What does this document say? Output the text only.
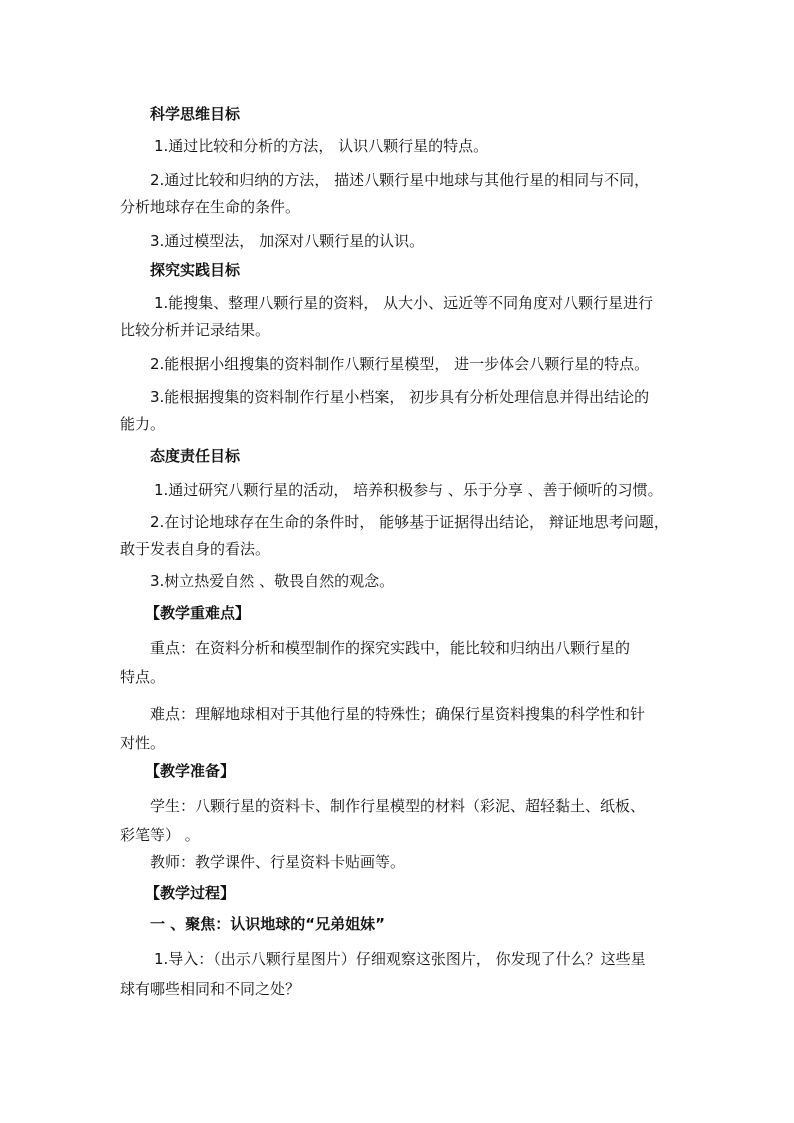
科学思维目标
1.通过比较和分析的方法， 认识八颗行星的特点。
2.通过比较和归纳的方法， 描述八颗行星中地球与其他行星的相同与不同，
分析地球存在生命的条件。
3.通过模型法， 加深对八颗行星的认识。
探究实践目标
1.能搜集、整理八颗行星的资料， 从大小、远近等不同角度对八颗行星进行
比较分析并记录结果。
2.能根据小组搜集的资料制作八颗行星模型， 进一步体会八颗行星的特点。
3.能根据搜集的资料制作行星小档案， 初步具有分析处理信息并得出结论的
能力。
态度责任目标
1.通过研究八颗行星的活动， 培养积极参与 、乐于分享 、善于倾听的习惯。
2.在讨论地球存在生命的条件时， 能够基于证据得出结论， 辩证地思考问题，
敢于发表自身的看法。
3.树立热爱自然 、敬畏自然的观念。
【教学重难点】
重点：在资料分析和模型制作的探究实践中，能比较和归纳出八颗行星的
特点。
难点：理解地球相对于其他行星的特殊性；确保行星资料搜集的科学性和针
对性。
【教学准备】
学生：八颗行星的资料卡、制作行星模型的材料（彩泥、超轻黏土、纸板、
彩笔等） 。
教师：教学课件、行星资料卡贴画等。
【教学过程】
一 、聚焦：认识地球的“兄弟姐妹”
1.导入：（出示八颗行星图片）仔细观察这张图片， 你发现了什么？这些星
球有哪些相同和不同之处？
